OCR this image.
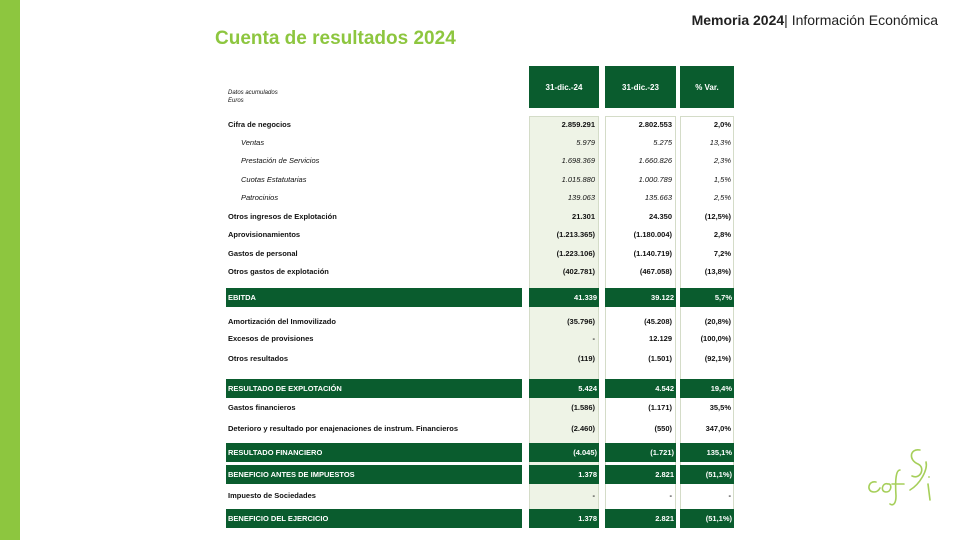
Memoria 2024| Información Económica
Cuenta de resultados 2024
31-dic.-24	31-dic.-23	% Var.
Datos acumulados
Euros
Cifra de negocios	2.859.291	2.802.553	2,0%
Ventas	5.979	5.275	13,3%
Prestación de Servicios	1.698.369	1.660.826	2,3%
Cuotas Estatutarias	1.015.880	1.000.789	1,5%
Patrocinios	139.063	135.663	2,5%
Otros ingresos de Explotación	21.301	24.350	(12,5%)
Aprovisionamientos	(1.213.365)	(1.180.004)	2,8%
Gastos de personal	(1.223.106)	(1.140.719)	7,2%
Otros gastos de explotación	(402.781)	(467.058)	(13,8%)
EBITDA	41.339	39.122	5,7%
Amortización del Inmovilizado	(35.796)	(45.208)	(20,8%)
Excesos de provisiones	-	12.129	(100,0%)
Otros resultados	(119)	(1.501)	(92,1%)
RESULTADO DE EXPLOTACIÓN	5.424	4.542	19,4%
Gastos financieros	(1.586)	(1.171)	35,5%
Deterioro y resultado por enajenaciones de instrum. Financieros	(2.460)	(550)	347,0%
RESULTADO FINANCIERO	(4.045)	(1.721)	135,1%
BENEFICIO ANTES DE IMPUESTOS	1.378	2.821	(51,1%)
Impuesto de Sociedades	-	-	-
BENEFICIO DEL EJERCICIO	1.378	2.821	(51,1%)
